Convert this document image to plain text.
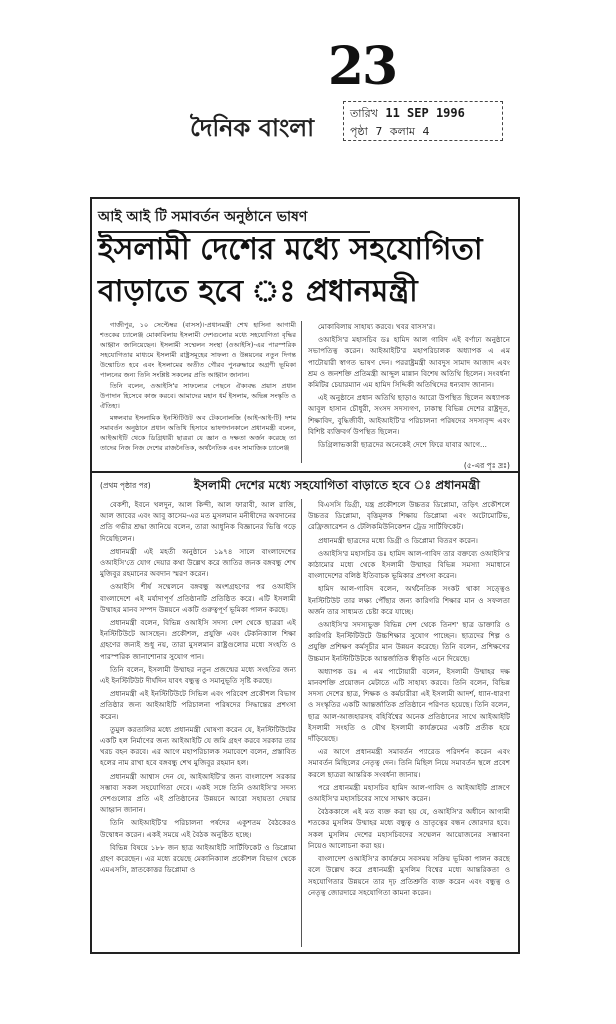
23
দৈনিক বাংলা	তারিখ 11 SEP 1996
পৃষ্ঠা 7 কলাম 4
আই আই টি সমাবর্তন অনুষ্ঠানে ভাষণ
ইসলামী দেশের মধ্যে সহযোগিতা
বাড়াতে হবে ঃ প্রধানমন্ত্রী

গাজীপুর, ১০ সেপ্টেম্বর (বাসস)।-প্রধানমন্ত্রী শেখ হাসিনা আগামী শতকের চ্যালেঞ্জ মোকাবিলায় ইসলামী দেশগুলোর মধ্যে সহযোগিতা বৃদ্ধির আহ্বান জানিয়েছেন। ইসলামী সম্মেলন সংস্থা (ওআইসি)-এর পারস্পরিক সহযোগিতার মাধ্যমে ইসলামী রাষ্ট্রসমূহের সাফল্য ও উন্নয়নের নতুন দিগন্ত উন্মোচিত হবে এবং ইসলামের অতীত গৌরব পুনরুদ্ধারে অগ্রণী ভূমিকা পালনের জন্য তিনি সংশ্লিষ্ট সকলের প্রতি আহ্বান জানান।

তিনি বলেন, ওআইসি'র সাফল্যের পেছনে ঐক্যবদ্ধ প্রয়াস প্রধান উপাদান হিসেবে কাজ করবে। আমাদের মহান ধর্ম ইসলাম, অভিন্ন সংস্কৃতি ও ঐতিহ্য।

মঙ্গলবার ইসলামিক ইনস্টিটিউট অব টেকনোলজি (আই-আই-টি) দশম সমাবর্তন অনুষ্ঠানে প্রধান অতিথি হিসাবে ভাষণদানকালে প্রধানমন্ত্রী বলেন, আইআইটি থেকে ডিগ্রিধারী ছাত্ররা যে জ্ঞান ও দক্ষতা অর্জন করেছে তা তাদের নিজ নিজ দেশের রাজনৈতিক, অর্থনৈতিক এবং সামাজিক চ্যালেঞ্জ

মোকাবিলায় সাহায্য করবে। খবর বাসস'র।

ওআইসি'র মহাসচিব ডঃ হামিদ আল গাবিদ এই বর্ণাঢ্য অনুষ্ঠানে সভাপতিত্ব করেন। আইআইটি'র মহাপরিচালক অধ্যাপক এ এম পাটোয়ারী স্বাগত ভাষণ দেন। পররাষ্ট্রমন্ত্রী আবদুস সামাদ আজাদ এবং শ্রম ও জনশক্তি প্রতিমন্ত্রী আব্দুল মান্নান বিশেষ অতিথি ছিলেন। সংবর্ধনা কমিটির চেয়ারম্যান এম হামিদ সিদ্দিকী অতিথিদের ধন্যবাদ জানান।

এই অনুষ্ঠানে প্রধান অতিথি ছাড়াও আরো উপস্থিত ছিলেন অধ্যাপক আবুল হাসান চৌধুরী, সংসদ সদস্যগণ, ঢাকাস্থ বিভিন্ন দেশের রাষ্ট্রদূত, শিক্ষাবিদ, বুদ্ধিজীবী, আইআইটি'র পরিচালনা পরিষদের সদস্যবৃন্দ এবং বিশিষ্ট ব্যক্তিবর্গ উপস্থিত ছিলেন।

ডিগ্রিলাভকারী ছাত্রদের অনেকেই দেশে ফিরে যাবার আগে...

(৫-এর পৃঃ দ্রঃ)
(প্রথম পৃষ্ঠার পর)	ইসলামী দেশের মধ্যে সহযোগিতা বাড়াতে হবে ঃ প্রধানমন্ত্রী

বেকশী, ইবনে খলদুন, আল কিন্দী, আল ফারাবী, আল রাজি, আল জাবের এবং আবু কাসেম-এর মত মুসলমান মনীষীদের অবদানের প্রতি গভীর শ্রদ্ধা জানিয়ে বলেন, তারা আধুনিক বিজ্ঞানের ভিত্তি গড়ে দিয়েছিলেন।

প্রধানমন্ত্রী এই মহতী অনুষ্ঠানে ১৯৭৪ সালে বাংলাদেশের ওআইসি'তে যোগ দেয়ার কথা উল্লেখ করে জাতির জনক বঙ্গবন্ধু শেখ মুজিবুর রহমানের অবদান স্মরণ করেন।

ওআইসি শীর্ষ সম্মেলনে বঙ্গবন্ধু অংশগ্রহণের পর ওআইসি বাংলাদেশে এই মর্যাদাপূর্ণ প্রতিষ্ঠানটি প্রতিষ্ঠিত করে। এটি ইসলামী উম্মাহর মানব সম্পদ উন্নয়নে একটি গুরুত্বপূর্ণ ভূমিকা পালন করছে।

প্রধানমন্ত্রী বলেন, বিভিন্ন ওআইসি সদস্য দেশ থেকে ছাত্ররা এই ইনস্টিটিউটে আসছেন। প্রকৌশল, প্রযুক্তি এবং টেকনিক্যাল শিক্ষা গ্রহণের জন্যই শুধু নয়, তারা মুসলমান রাষ্ট্রগুলোর মধ্যে সংহতি ও পারস্পরিক জানাশোনার সুযোগ পান।

তিনি বলেন, ইসলামী উম্মাহর নতুন প্রজন্মের মধ্যে সংহতির জন্য এই ইনস্টিটিউট দীর্ঘদিন যাবৎ বন্ধুত্ব ও সমানুভূতি সৃষ্টি করছে।

প্রধানমন্ত্রী এই ইনস্টিটিউটে সিভিল এবং পরিবেশ প্রকৌশল বিভাগ প্রতিষ্ঠার জন্য আইআইটি পরিচালনা পরিষদের সিদ্ধান্তের প্রশংসা করেন।

তুমুল করতালির মধ্যে প্রধানমন্ত্রী ঘোষণা করেন যে, ইনস্টিটিউটের একটি হল নির্মাণের জন্য আইআইটি যে জমি গ্রহণ করবে সরকার তার খরচ বহন করবে। এর আগে মহাপরিচালক সমাবেশে বলেন, প্রস্তাবিত হলের নাম রাখা হবে বঙ্গবন্ধু শেখ মুজিবুর রহমান হল।

প্রধানমন্ত্রী আশ্বাস দেন যে, আইআইটি'র জন্য বাংলাদেশ সরকার সম্ভাব্য সকল সহযোগিতা দেবে। একই সঙ্গে তিনি ওআইসি'র সদস্য দেশগুলোর প্রতি এই প্রতিষ্ঠানের উন্নয়নে আরো সহায়তা দেয়ার আহ্বান জানান।

তিনি আইআইটি'র পরিচালনা পর্ষদের একুশতম বৈঠকেরও উদ্বোধন করেন। একই সময়ে এই বৈঠক অনুষ্ঠিত হচ্ছে।

বিভিন্ন বিষয়ে ১৮৮ জন ছাত্র আইআইটি সার্টিফিকেট ও ডিপ্লোমা গ্রহণ করেছেন। এর মধ্যে রয়েছে মেকানিক্যাল প্রকৌশল বিভাগ থেকে এমএসসি, স্নাতকোত্তর ডিপ্লোমা ও

বিএসসি ডিগ্রী, যন্ত্র প্রকৌশলে উচ্চতর ডিপ্লোমা, তড়িৎ প্রকৌশলে উচ্চতর ডিপ্লোমা, বৃত্তিমূলক শিক্ষায় ডিপ্লোমা এবং অটোমোটিভ, রেফ্রিজারেশন ও টেলিকমিউনিকেশন ট্রেড সার্টিফিকেট।

প্রধানমন্ত্রী ছাত্রদের মধ্যে ডিগ্রী ও ডিপ্লোমা বিতরণ করেন।

ওআইসি'র মহাসচিব ডঃ হামিদ আল-গাবিদ তার বক্তব্যে ওআইসি'র কাঠামোর মধ্যে থেকে ইসলামী উম্মাহর বিভিন্ন সমস্যা সমাধানে বাংলাদেশের বলিষ্ঠ ইতিবাচক ভূমিকার প্রশংসা করেন।

হামিদ আল-গাবিদ বলেন, অর্থনৈতিক সংকট থাকা সত্ত্বেও ইনস্টিটিউট তার লক্ষ্য পৌঁছার জন্য কারিগরি শিক্ষার মান ও সফলতা অর্জন তার সাধ্যমত চেষ্টা করে যাচ্ছে।

ওআইসি'র সদস্যভুক্ত বিভিন্ন দেশ থেকে তিনশ' ছাত্র ডাক্তারি ও কারিগরি ইনস্টিটিউটে উচ্চশিক্ষার সুযোগ পাচ্ছেন। ছাত্রদের শিল্প ও প্রযুক্তি প্রশিক্ষণ কর্মসূচীর মান উন্নয়ন করেছে। তিনি বলেন, প্রশিক্ষণের উচ্চমান ইনস্টিটিউটকে আন্তর্জাতিক স্বীকৃতি এনে দিয়েছে।

অধ্যাপক ডঃ এ এম পাটোয়ারী বলেন, ইসলামী উম্মাহর দক্ষ মানবশক্তি প্রয়োজন মেটাতে এটি সাহায্য করবে। তিনি বলেন, বিভিন্ন সদস্য দেশের ছাত্র, শিক্ষক ও কর্মচারীরা এই ইসলামী আদর্শ, ধ্যান-ধারণা ও সংস্কৃতির একটি আন্তর্জাতিক প্রতিষ্ঠানে পরিণত হয়েছে। তিনি বলেন, ছাত্র আল-আজহারসহ বহির্বিশ্বের অনেক প্রতিষ্ঠানের সাথে আইআইটি ইসলামী সংহতি ও যৌথ ইসলামী কার্যক্রমের একটি প্রতীক হয়ে দাঁড়িয়েছে।

এর আগে প্রধানমন্ত্রী সমাবর্তন প্যারেড পরিদর্শন করেন এবং সমাবর্তন মিছিলের নেতৃত্ব দেন। তিনি মিছিল নিয়ে সমাবর্তন স্থলে প্রবেশ করলে ছাত্ররা আন্তরিক সংবর্ধনা জানায়।

পরে প্রধানমন্ত্রী মহাসচিব হামিদ আল-গাবিদ ও আইআইটি প্রাঙ্গণে ওআইসি'র মহাসচিবের সাথে সাক্ষাৎ করেন।

বৈঠককালে এই মত ব্যক্ত করা হয় যে, ওআইসি'র অধীনে আগামী শতকের মুসলিম উম্মাহর মধ্যে বন্ধুত্ব ও ভ্রাতৃত্বের বন্ধন জোরদার হবে। সকল মুসলিম দেশের মহাসচিবদের সম্মেলন আয়োজনের সম্ভাবনা নিয়েও আলোচনা করা হয়।

বাংলাদেশ ওআইসি'র কার্যক্রমে সবসময় সক্রিয় ভূমিকা পালন করছে বলে উল্লেখ করে প্রধানমন্ত্রী মুসলিম বিশ্বের মধ্যে আন্তরিকতা ও সহযোগিতার উন্নয়নে তার দৃঢ় প্রতিশ্রুতি ব্যক্ত করেন এবং বন্ধুত্ব ও নেতৃত্ব জোরদারে সহযোগিতা কামনা করেন।
